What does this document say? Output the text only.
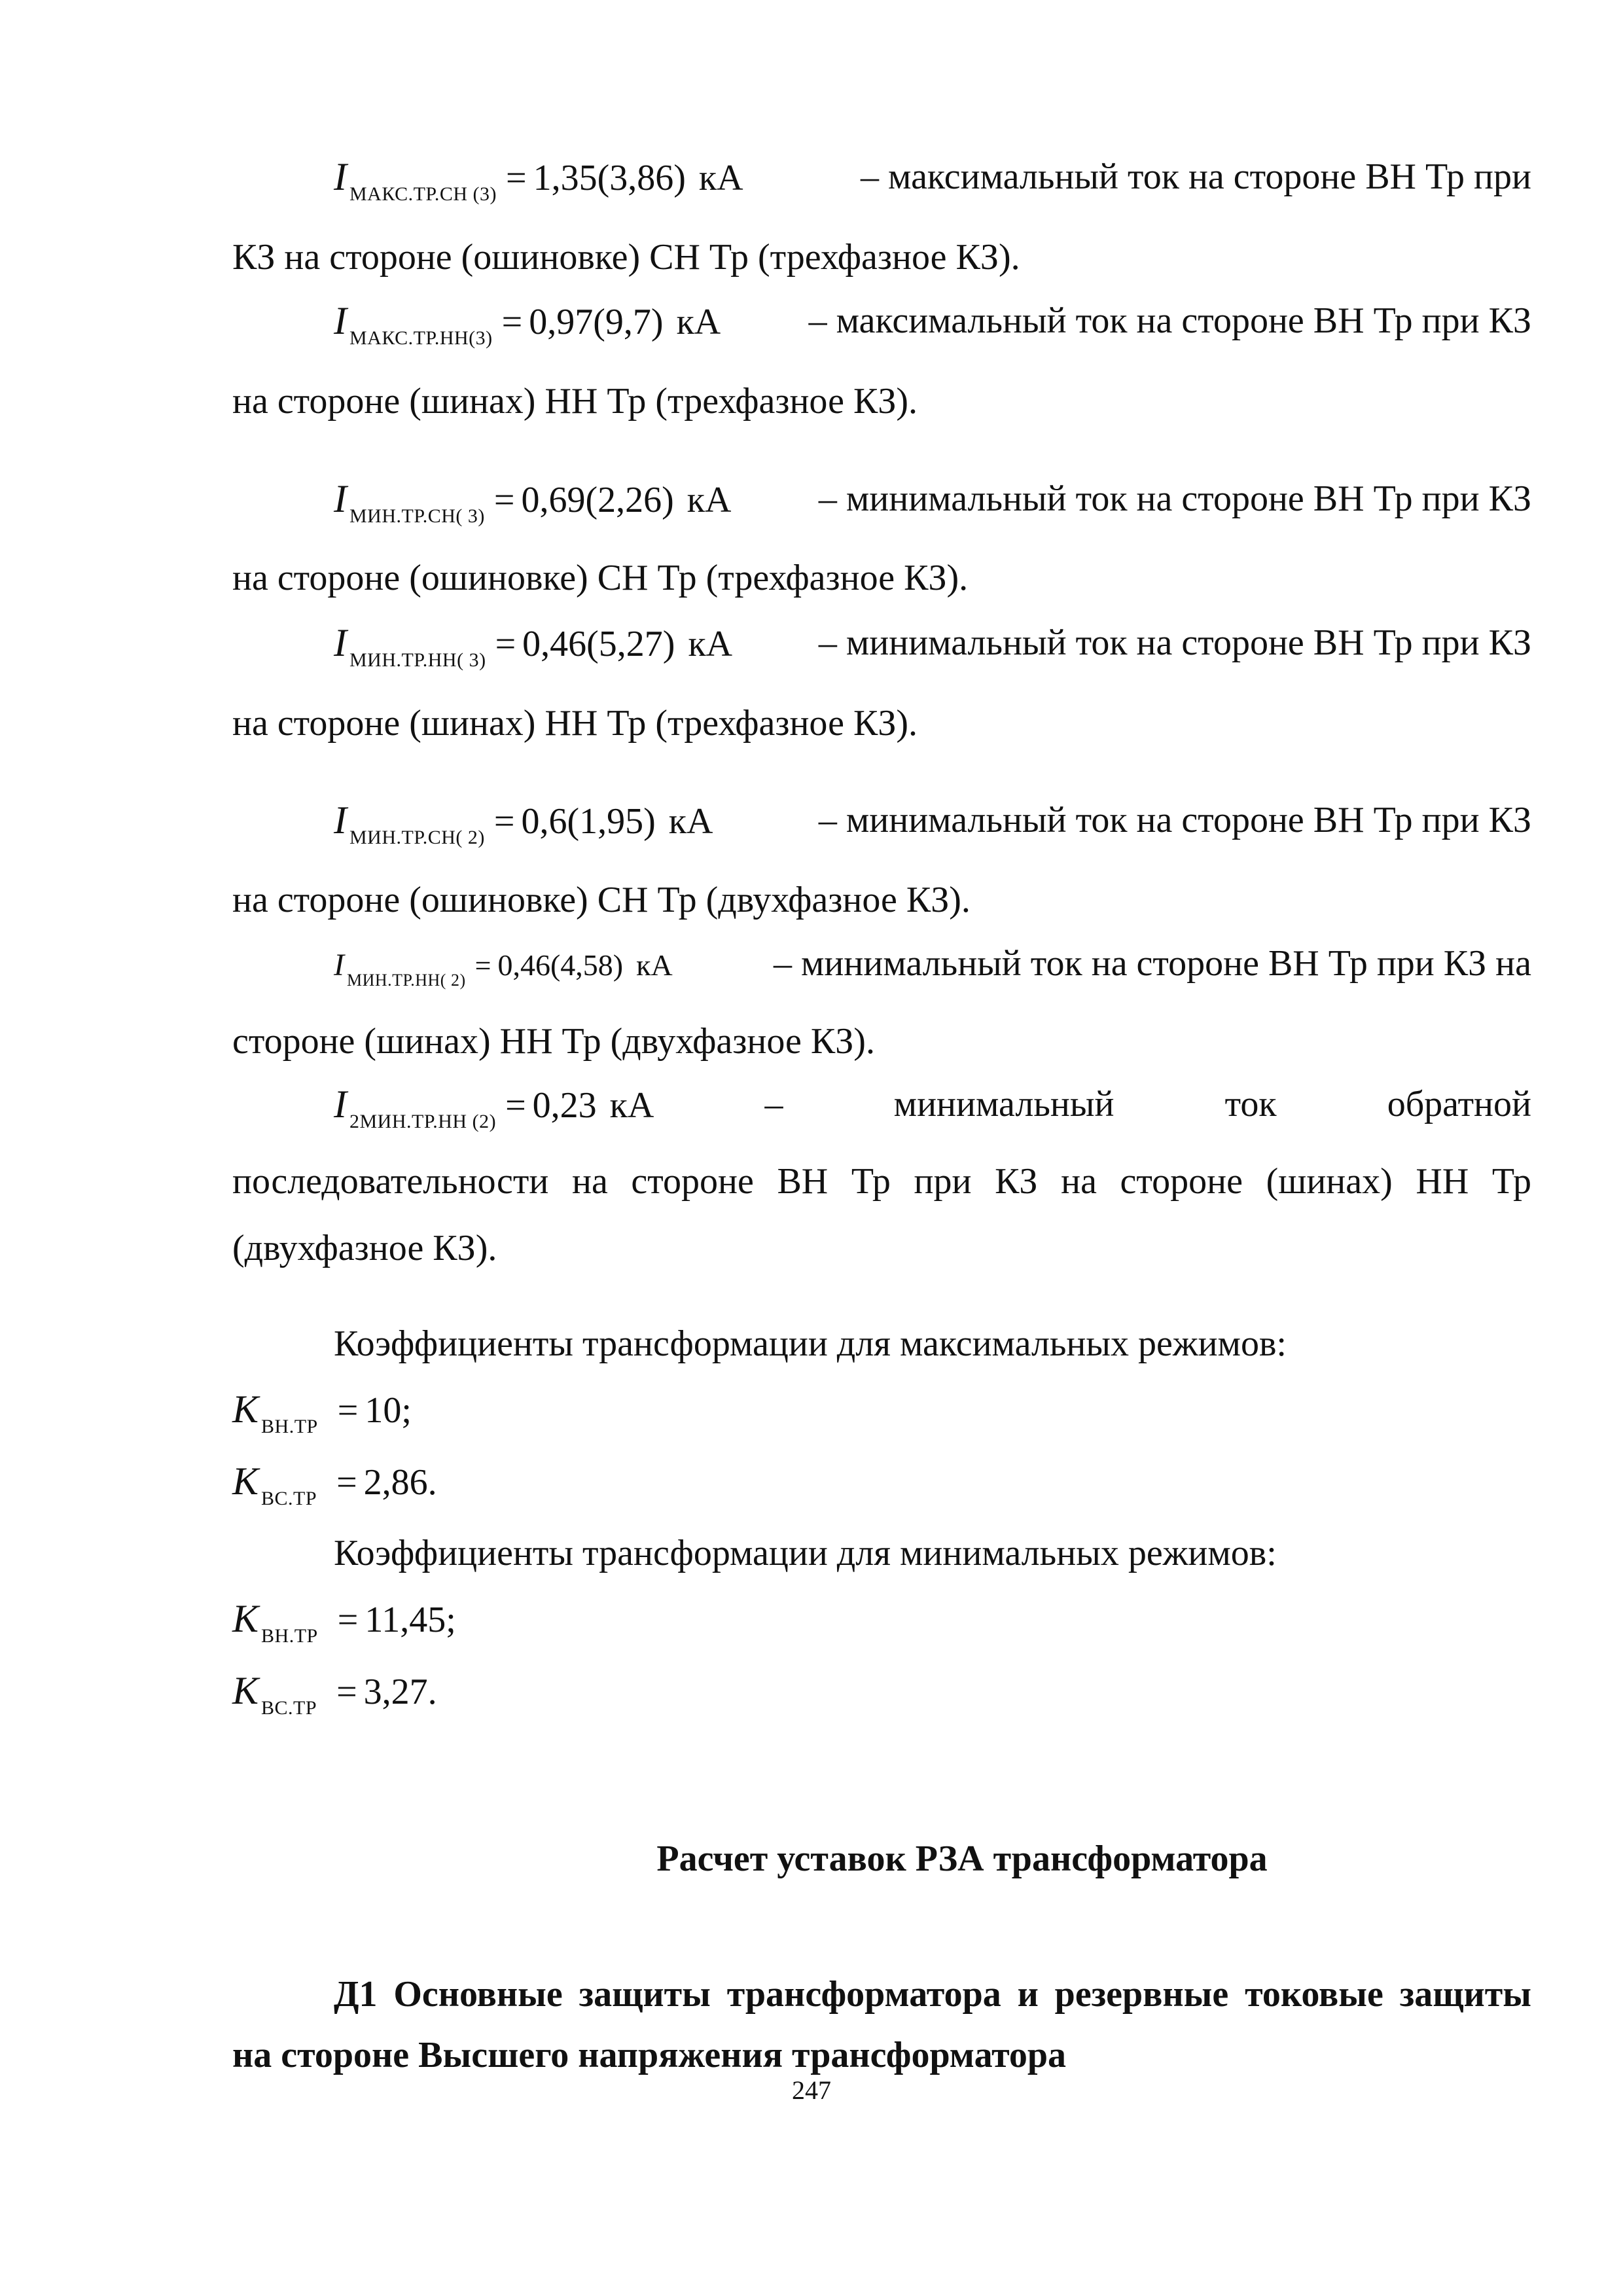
I $_{МАКС.ТР.СН (3)}$ = 1,35(3,86) кА	– максимальный ток на стороне ВН Тр при
КЗ на стороне (ошиновке) СН Тр (трехфазное КЗ).
I $_{МАКС.ТР.НН(3)}$ = 0,97(9,7) кА – максимальный ток на стороне ВН Тр при КЗ
на стороне (шинах) НН Тр (трехфазное КЗ).
I $_{МИН.ТР.СН( 3)}$ = 0,69(2,26) кА – минимальный ток на стороне ВН Тр при КЗ
на стороне (ошиновке) СН Тр (трехфазное КЗ).
I $_{МИН.ТР.НН( 3)}$ = 0,46(5,27) кА – минимальный ток на стороне ВН Тр при КЗ
на стороне (шинах) НН Тр (трехфазное КЗ).
I $_{МИН.ТР.СН( 2)}$ = 0,6(1,95) кА	– минимальный ток на стороне ВН Тр при КЗ
на стороне (ошиновке) СН Тр (двухфазное КЗ).
I $_{МИН.ТР.НН( 2)}$ = 0,46(4,58) кА	– минимальный ток на стороне ВН Тр при КЗ на
стороне (шинах) НН Тр (двухфазное КЗ).
I $_{2МИН.ТР.НН (2)}$ = 0,23 кА	–	минимальный	ток	обратной
последовательности на стороне ВН Тр при КЗ на стороне (шинах) НН Тр
(двухфазное КЗ).
Коэффициенты трансформации для максимальных режимов:
K $_{ВН.ТР}$ = 10;
K $_{ВС.ТР}$ = 2,86.
Коэффициенты трансформации для минимальных режимов:
K $_{ВН.ТР}$ = 11,45;
K $_{ВС.ТР}$ = 3,27.
Расчет уставок РЗА трансформатора
Д1 Основные защиты трансформатора и резервные токовые защиты
на стороне Высшего напряжения трансформатора
247
